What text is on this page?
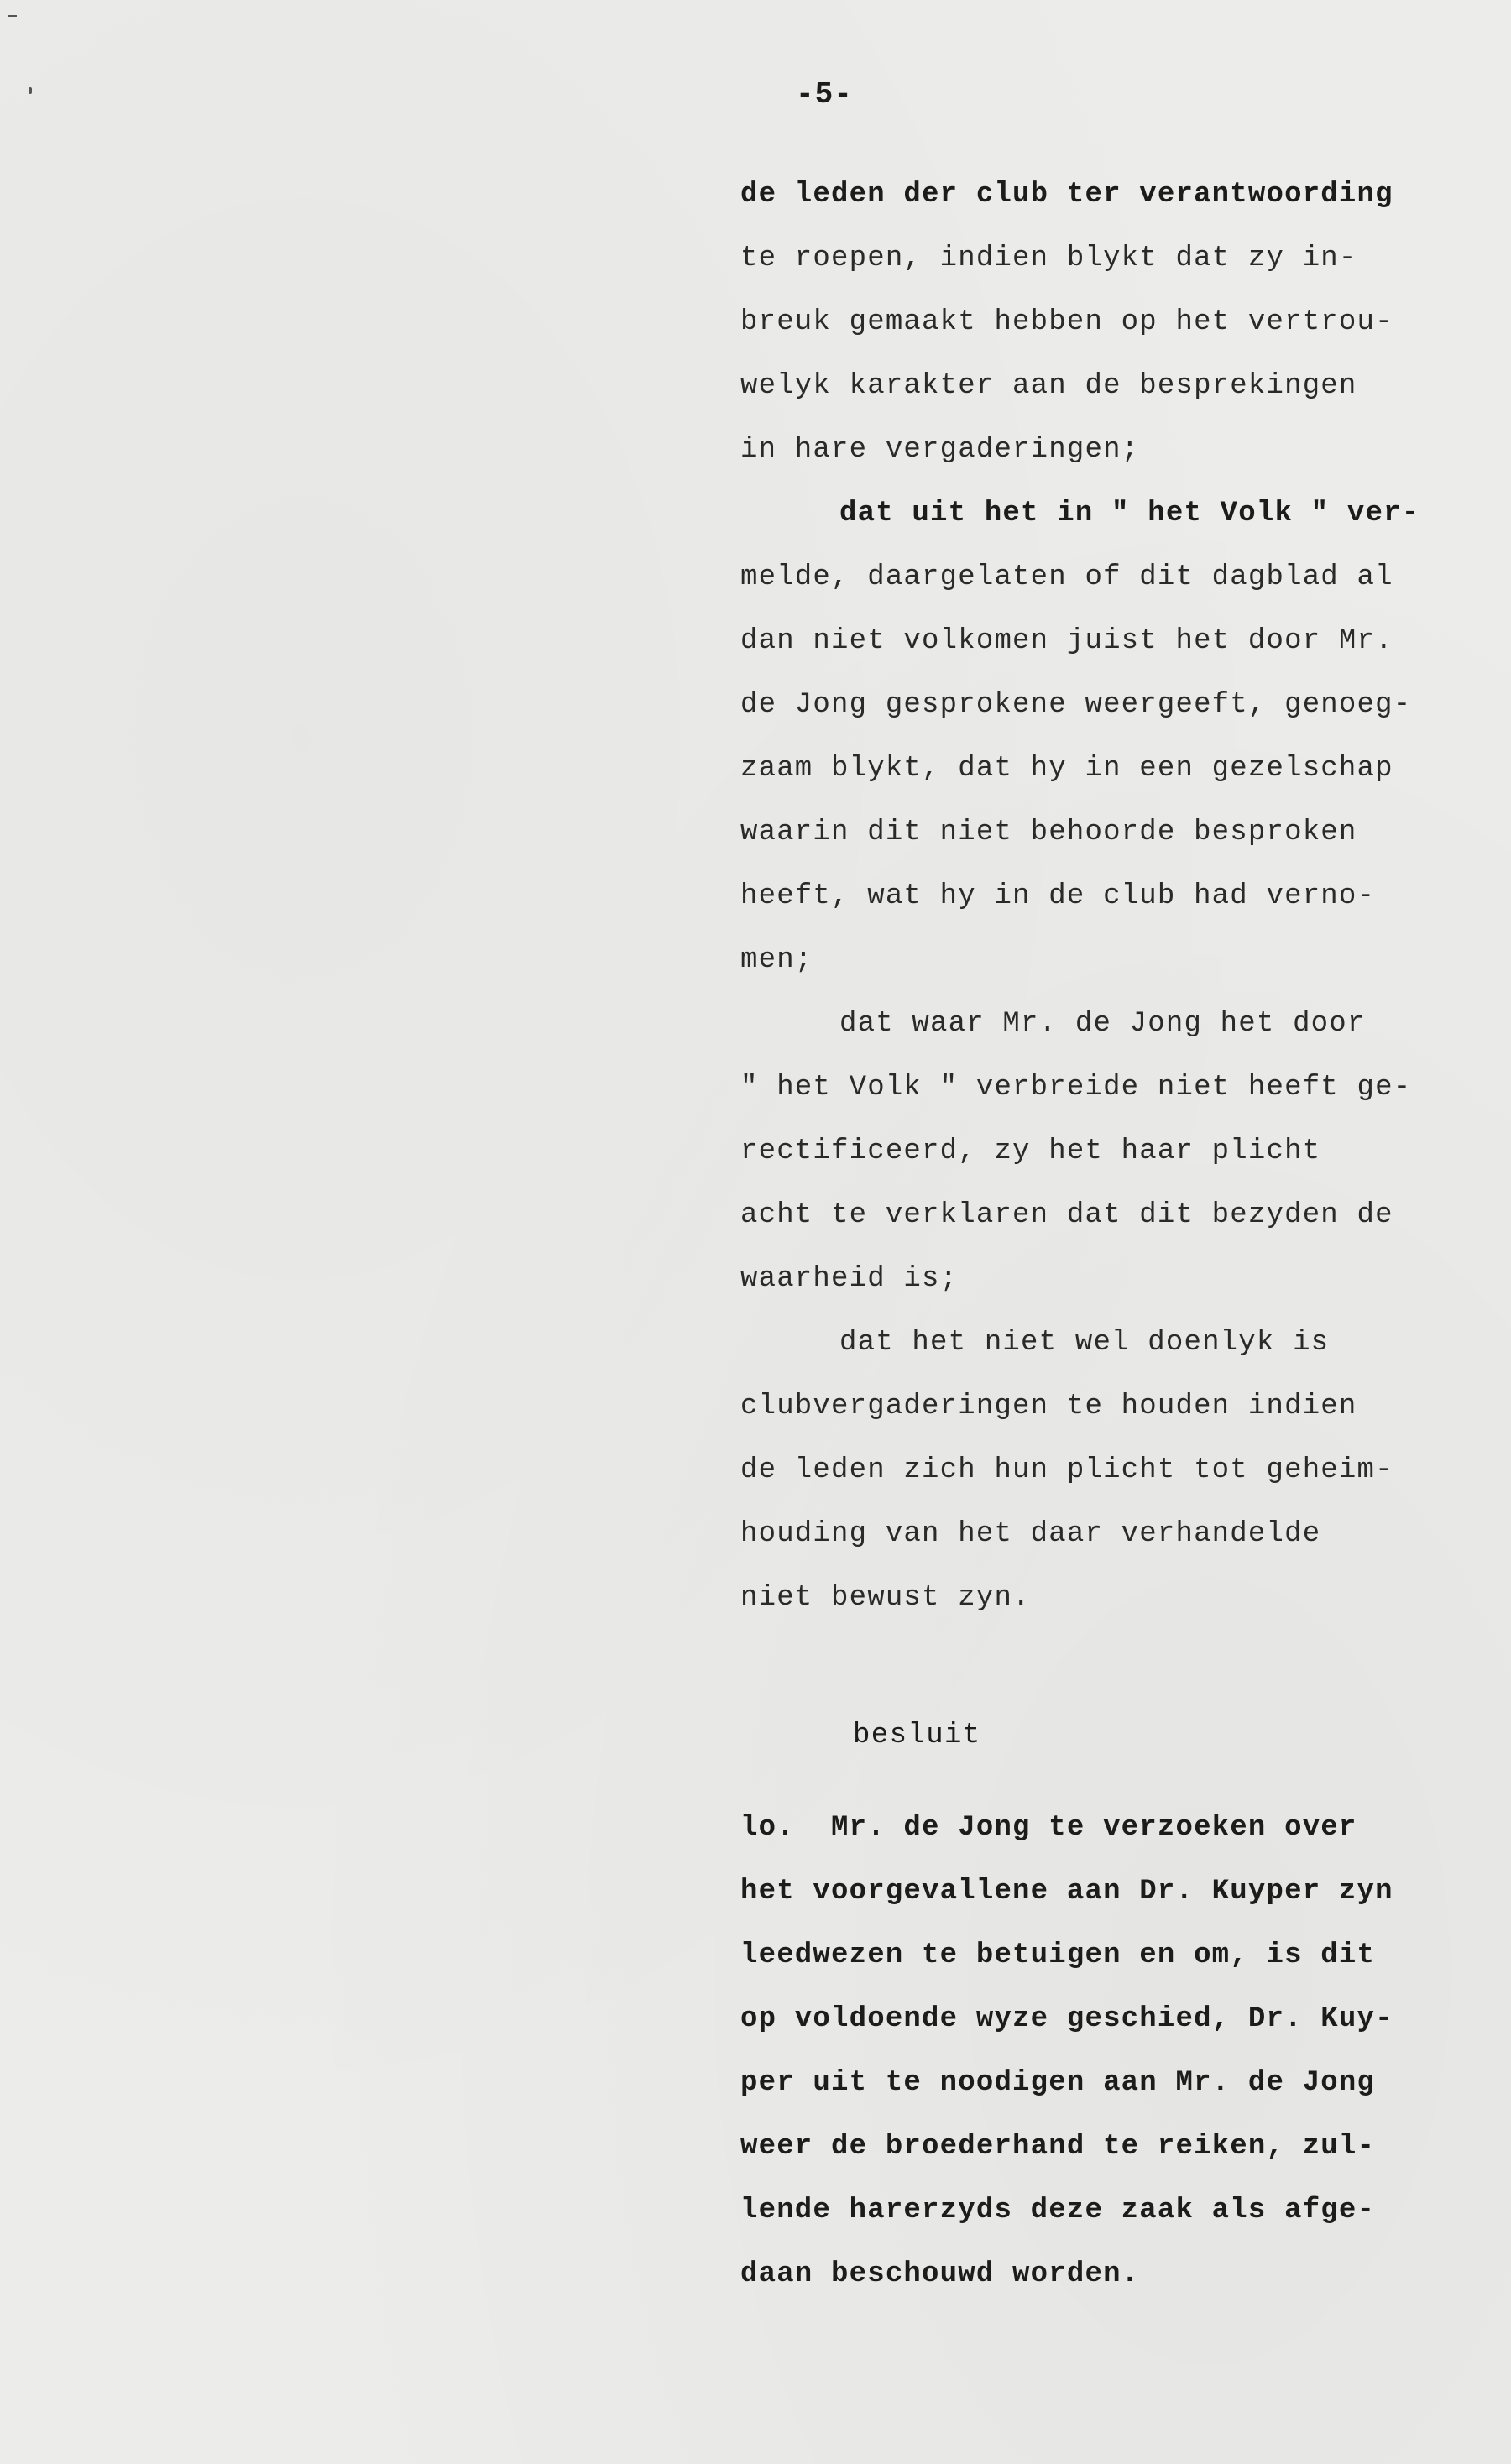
-5-
de leden der club ter verantwoording
te roepen, indien blykt dat zy in-
breuk gemaakt hebben op het vertrou-
welyk karakter aan de besprekingen
in hare vergaderingen;
dat uit het in " het Volk " ver-
melde, daargelaten of dit dagblad al
dan niet volkomen juist het door Mr.
de Jong gesprokene weergeeft, genoeg-
zaam blykt, dat hy in een gezelschap
waarin dit niet behoorde besproken
heeft, wat hy in de club had verno-
men;
dat waar Mr. de Jong het door
" het Volk " verbreide niet heeft ge-
rectificeerd, zy het haar plicht
acht te verklaren dat dit bezyden de
waarheid is;
dat het niet wel doenlyk is
clubvergaderingen te houden indien
de leden zich hun plicht tot geheim-
houding van het daar verhandelde
niet bewust zyn.
lo.  Mr. de Jong te verzoeken over
het voorgevallene aan Dr. Kuyper zyn
leedwezen te betuigen en om, is dit
op voldoende wyze geschied, Dr. Kuy-
per uit te noodigen aan Mr. de Jong
weer de broederhand te reiken, zul-
lende harerzyds deze zaak als afge-
daan beschouwd worden.
besluit
